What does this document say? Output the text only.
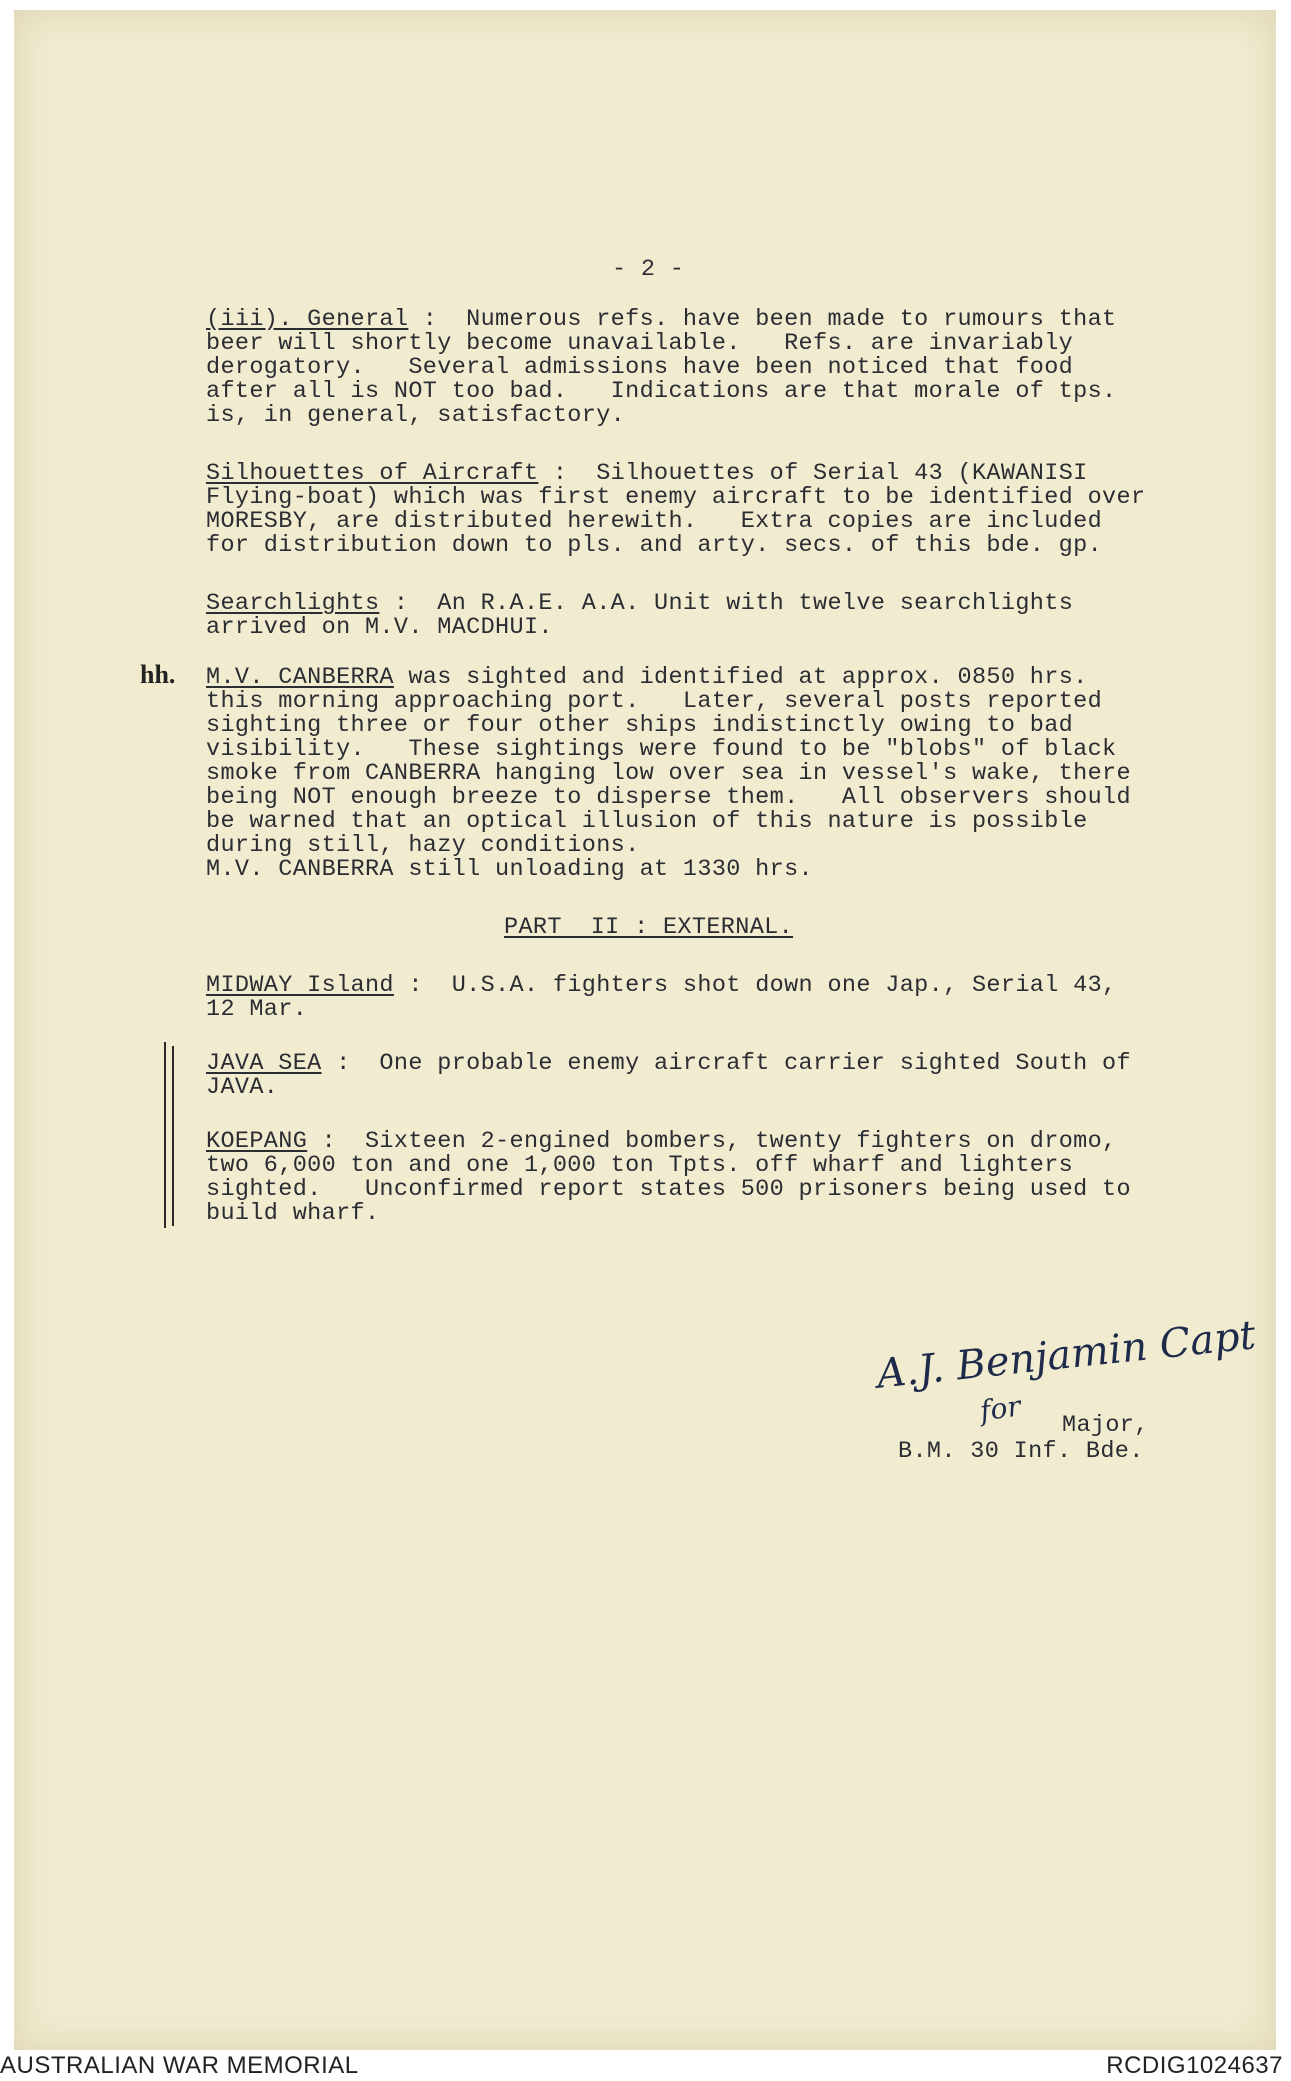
- 2 -
(iii). General :  Numerous refs. have been made to rumours that
beer will shortly become unavailable.   Refs. are invariably
derogatory.   Several admissions have been noticed that food
after all is NOT too bad.   Indications are that morale of tps.
is, in general, satisfactory.
Silhouettes of Aircraft :  Silhouettes of Serial 43 (KAWANISI
Flying-boat) which was first enemy aircraft to be identified over
MORESBY, are distributed herewith.   Extra copies are included
for distribution down to pls. and arty. secs. of this bde. gp.
Searchlights :  An R.A.E. A.A. Unit with twelve searchlights
arrived on M.V. MACDHUI.
hh. M.V. CANBERRA was sighted and identified at approx. 0850 hrs.
this morning approaching port.   Later, several posts reported
sighting three or four other ships indistinctly owing to bad
visibility.   These sightings were found to be "blobs" of black
smoke from CANBERRA hanging low over sea in vessel's wake, there
being NOT enough breeze to disperse them.   All observers should
be warned that an optical illusion of this nature is possible
during still, hazy conditions.
M.V. CANBERRA still unloading at 1330 hrs.
PART  II : EXTERNAL.
MIDWAY Island :  U.S.A. fighters shot down one Jap., Serial 43,
12 Mar.
JAVA SEA :  One probable enemy aircraft carrier sighted South of
JAVA.
KOEPANG :  Sixteen 2-engined bombers, twenty fighters on dromo,
two 6,000 ton and one 1,000 ton Tpts. off wharf and lighters
sighted.   Unconfirmed report states 500 prisoners being used to
build wharf.
A.J. Benjamin Capt
for Major,
B.M. 30 Inf. Bde.
AUSTRALIAN WAR MEMORIAL	RCDIG1024637
